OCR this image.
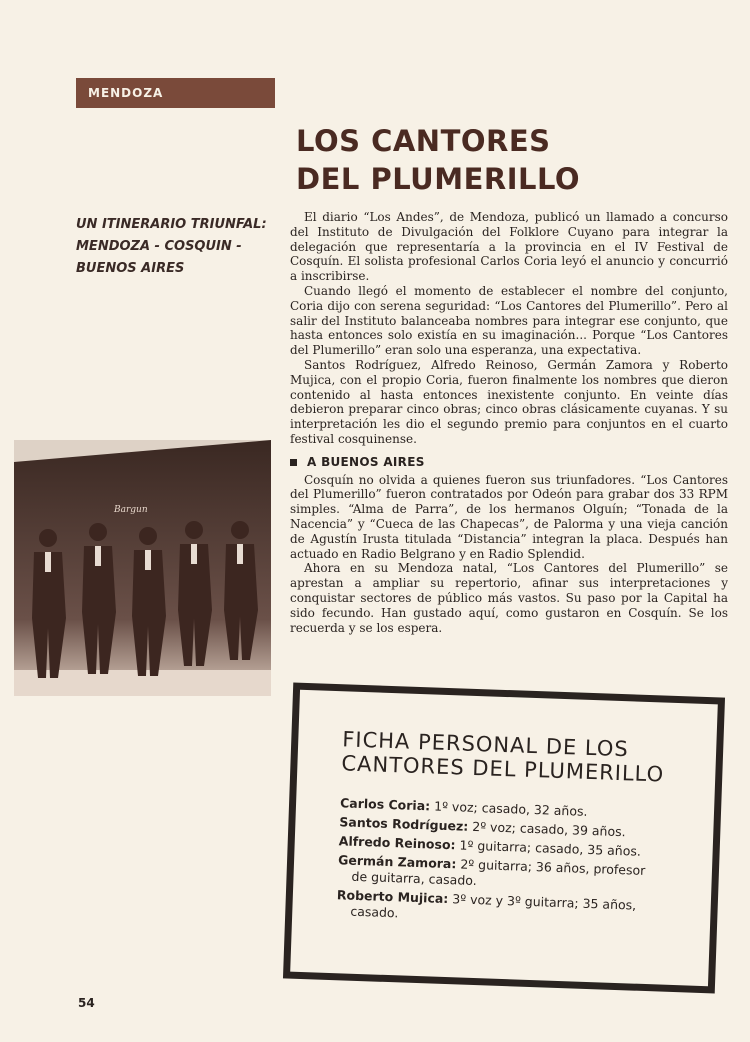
MENDOZA
LOS CANTORES
DEL PLUMERILLO
UN ITINERARIO TRIUNFAL:
MENDOZA - COSQUIN -
BUENOS AIRES

El diario “Los Andes”, de Mendoza, publicó un llamado a concurso del Instituto de Divulgación del Folklore Cuyano para integrar la delegación que representaría a la provincia en el IV Festival de Cosquín. El solista profesional Carlos Coria leyó el anuncio y concurrió a inscribirse.

Cuando llegó el momento de establecer el nombre del conjunto, Coria dijo con serena seguridad: “Los Cantores del Plumerillo”. Pero al salir del Instituto balanceaba nombres para integrar ese conjunto, que hasta entonces solo existía en su imaginación... Porque “Los Cantores del Plumerillo” eran solo una esperanza, una expectativa.

Santos Rodríguez, Alfredo Reinoso, Germán Zamora y Roberto Mujica, con el propio Coria, fueron finalmente los nombres que dieron contenido al hasta entonces inexistente conjunto. En veinte días debieron preparar cinco obras; cinco obras clásicamente cuyanas. Y su interpretación les dio el segundo premio para conjuntos en el cuarto festival cosquinense.

A BUENOS AIRES

Cosquín no olvida a quienes fueron sus triunfadores. “Los Cantores del Plumerillo” fueron contratados por Odeón para grabar dos 33 RPM simples. “Alma de Parra”, de los hermanos Olguín; “Tonada de la Nacencia” y “Cueca de las Chapecas”, de Palorma y una vieja canción de Agustín Irusta titulada “Distancia” integran la placa. Después han actuado en Radio Belgrano y en Radio Splendid.

Ahora en su Mendoza natal, “Los Cantores del Plumerillo” se aprestan a ampliar su repertorio, afinar sus interpretaciones y conquistar sectores de público más vastos. Su paso por la Capital ha sido fecundo. Han gustado aquí, como gustaron en Cosquín. Se los recuerda y se los espera.

Bargun
FICHA PERSONAL DE LOS
CANTORES DEL PLUMERILLO
Carlos Coria: 1º voz; casado, 32 años.
Santos Rodríguez: 2º voz; casado, 39 años.
Alfredo Reinoso: 1º guitarra; casado, 35 años.
Germán Zamora: 2º guitarra; 36 años, profesor
de guitarra, casado.
Roberto Mujica: 3º voz y 3º guitarra; 35 años,
casado.
54
